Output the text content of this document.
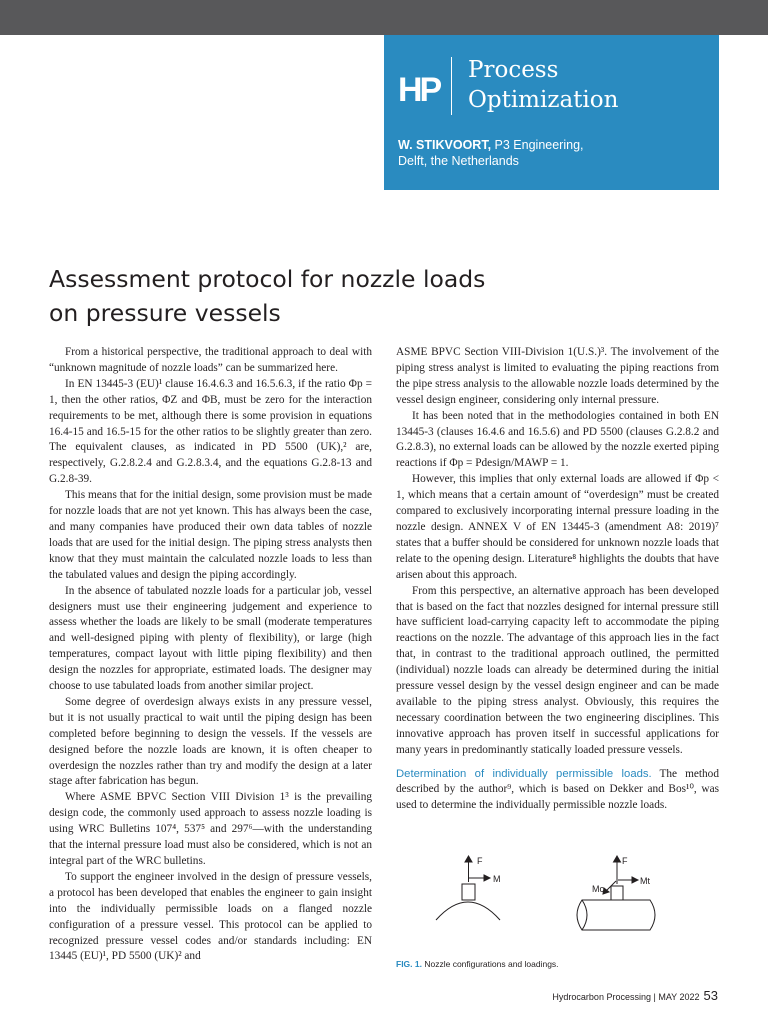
HP
Process
Optimization
W. STIKVOORT, P3 Engineering,
Delft, the Netherlands
Assessment protocol for nozzle loads
on pressure vessels

From a historical perspective, the traditional approach to deal with “unknown magnitude of nozzle loads” can be summarized here.

In EN 13445-3 (EU)¹ clause 16.4.6.3 and 16.5.6.3, if the ratio Φp = 1, then the other ratios, ΦZ and ΦB, must be zero for the interaction requirements to be met, although there is some provision in equations 16.4-15 and 16.5-15 for the other ratios to be slightly greater than zero. The equivalent clauses, as indicated in PD 5500 (UK),² are, respectively, G.2.8.2.4 and G.2.8.3.4, and the equations G.2.8-13 and G.2.8-39.

This means that for the initial design, some provision must be made for nozzle loads that are not yet known. This has always been the case, and many companies have produced their own data tables of nozzle loads that are used for the initial design. The piping stress analysts then know that they must maintain the calculated nozzle loads to less than the tabulated values and design the piping accordingly.

In the absence of tabulated nozzle loads for a particular job, vessel designers must use their engineering judgement and experience to assess whether the loads are likely to be small (moderate temperatures and well-designed piping with plenty of flexibility), or large (high temperatures, compact layout with little piping flexibility) and then design the nozzles for appropriate, estimated loads. The designer may choose to use tabulated loads from another similar project.

Some degree of overdesign always exists in any pressure vessel, but it is not usually practical to wait until the piping design has been completed before beginning to design the vessels. If the vessels are designed before the nozzle loads are known, it is often cheaper to overdesign the nozzles rather than try and modify the design at a later stage after fabrication has begun.

Where ASME BPVC Section VIII Division 1³ is the prevailing design code, the commonly used approach to assess nozzle loading is using WRC Bulletins 107⁴, 537⁵ and 297⁶—with the understanding that the internal pressure load must also be considered, which is not an integral part of the WRC bulletins.

To support the engineer involved in the design of pressure vessels, a protocol has been developed that enables the engineer to gain insight into the individually permissible loads on a flanged nozzle configuration of a pressure vessel. This protocol can be applied to recognized pressure vessel codes and/or standards including: EN 13445 (EU)¹, PD 5500 (UK)² and

ASME BPVC Section VIII-Division 1(U.S.)³. The involvement of the piping stress analyst is limited to evaluating the piping reactions from the pipe stress analysis to the allowable nozzle loads determined by the vessel design engineer, considering only internal pressure.

It has been noted that in the methodologies contained in both EN 13445-3 (clauses 16.4.6 and 16.5.6) and PD 5500 (clauses G.2.8.2 and G.2.8.3), no external loads can be allowed by the nozzle exerted piping reactions if Φp = Pdesign/MAWP = 1.

However, this implies that only external loads are allowed if Φp < 1, which means that a certain amount of “overdesign” must be created compared to exclusively incorporating internal pressure loading in the nozzle design. ANNEX V of EN 13445-3 (amendment A8: 2019)⁷ states that a buffer should be considered for unknown nozzle loads that relate to the opening design. Literature⁸ highlights the doubts that have arisen about this approach.

From this perspective, an alternative approach has been developed that is based on the fact that nozzles designed for internal pressure still have sufficient load-carrying capacity left to accommodate the piping reactions on the nozzle. The advantage of this approach lies in the fact that, in contrast to the traditional approach outlined, the permitted (individual) nozzle loads can already be determined during the initial pressure vessel design by the vessel design engineer and can be made available to the piping stress analyst. Obviously, this requires the necessary coordination between the two engineering disciplines. This innovative approach has proven itself in successful applications for many years in predominantly statically loaded pressure vessels.

Determination of individually permissible loads. The method described by the author⁹, which is based on Dekker and Bos¹⁰, was used to determine the individually permissible nozzle loads.

F
M
F
Mt
Mc
FIG. 1. Nozzle configurations and loadings.
Hydrocarbon Processing | MAY 2022 53
